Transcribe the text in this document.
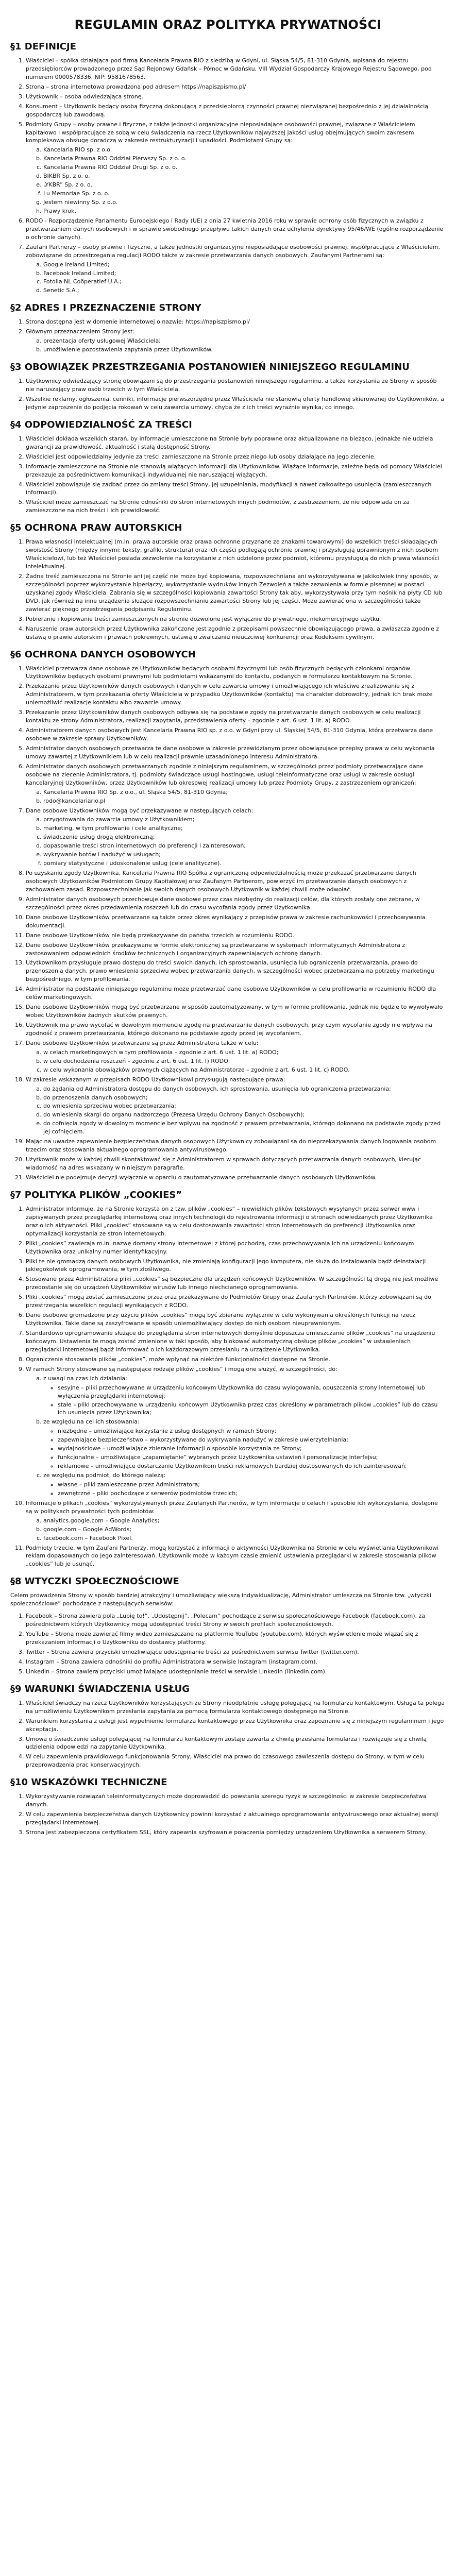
REGULAMIN ORAZ POLITYKA PRYWATNOŚCI
§1 DEFINICJE
1. Właściciel – spółka działająca pod firmą Kancelaria Prawna RIO z siedzibą w Gdyni, ul. Słąska 54/5, 81-310 Gdynia, wpisana do rejestru przedsiębiorców prowadzonego przez Sąd Rejonowy Gdańsk – Północ w Gdańsku, VIII Wydział Gospodarczy Krajowego Rejestru Sądowego, pod numerem 0000578336, NIP: 9581678563.
2. Strona – strona internetowa prowadzona pod adresem https://napiszpismo.pl/
3. Użytkownik – osoba odwiedzająca stronę.
4. Konsument – Użytkownik będący osobą fizyczną dokonującą z przedsiębiorcą czynności prawnej niezwiązanej bezpośrednio z jej działalnością gospodarczą lub zawodową.
5. Podmioty Grupy – osoby prawne i fizyczne, z także jednostki organizacyjne nieposiadające osobowości prawnej, związane z Właścicielem kapitałowo i współpracujące ze sobą w celu świadczenia na rzecz Użytkowników najwyższej jakości usług obejmujących swoim zakresem kompleksową obsługę doradczą w zakresie restrukturyzacji i upadłości. Podmiotami Grupy są:
a. Kancelaria RIO sp. z o.o.
b. Kancelaria Prawna RIO Oddział Pierwszy Sp. z o. o.
c. Kancelaria Prawna RIO Oddział Drugi Sp. z o. o.
d. BIKBR Sp. z o. o.
e. „YKBR” Sp. z o. o.
f. Lu Memoriae Sp. z o. o.
g. Jestem niewinny Sp. z o.o.
h. Prawy krok.
6. RODO - Rozporządzenie Parlamentu Europejskiego i Rady (UE) z dnia 27 kwietnia 2016 roku w sprawie ochrony osób fizycznych w związku z przetwarzaniem danych osobowych i w sprawie swobodnego przepływu takich danych oraz uchylenia dyrektywy 95/46/WE (ogólne rozporządzenie o ochronie danych).
7. Zaufani Partnerzy – osoby prawne i fizyczne, a także jednostki organizacyjne nieposiadające osobowości prawnej, współpracujące z Właścicielem, zobowiązane do przestrzegania regulacji RODO także w zakresie przetwarzania danych osobowych. Zaufanymi Partnerami są:
a. Google Ireland Limited;
b. Facebook Ireland Limited;
c. Fotolia NL Coöperatief U.A.;
d. Senetic S.A.;
§2 ADRES I PRZEZNACZENIE STRONY
1. Strona dostępna jest w domenie internetowej o nazwie: https://napiszpismo.pl/
2. Głównym przeznaczeniem Strony jest:
a. prezentacja oferty usługowej Właściciela;
b. umożliwienie pozostawienia zapytania przez Użytkowników.
§3 OBOWIĄZEK PRZESTRZEGANIA POSTANOWIEŃ NINIEJSZEGO REGULAMINU
1. Użytkownicy odwiedzający stronę obowiązani są do przestrzegania postanowień niniejszego regulaminu, a także korzystania ze Strony w sposób nie naruszający praw osób trzecich w tym Właściciela.
2. Wszelkie reklamy, ogłoszenia, cenniki, informacje pierwszorzędne przez Właściciela nie stanowią oferty handlowej skierowanej do Użytkowników, a jedynie zaproszenie do podjęcia rokowań w celu zawarcia umowy, chyba że z ich treści wyraźnie wynika, co innego.
§4 ODPOWIEDZIALNOŚĆ ZA TREŚCI
1. Właściciel dokłada wszelkich starań, by informacje umieszczone na Stronie były poprawne oraz aktualizowane na bieżąco, jednakże nie udziela gwarancji za prawidłowość, aktualność i stałą dostępność Strony.
2. Właściciel jest odpowiedzialny jedynie za treści zamieszczone na Stronie przez niego lub osoby działające na jego zlecenie.
3. Informacje zamieszczone na Stronie nie stanowią wiążących informacji dla Użytkowników. Wiążące informacje, zależne będą od pomocy Właściciel przekazuje za pośrednictwem komunikacji indywidualnej nie naruszającej wiążących.
4. Właściciel zobowiązuje się zadbać przez do zmiany treści Strony, jej uzupełniania, modyfikacji a nawet całkowitego usunięcia (zamieszczanych informacji).
5. Właściciel może zamieszczać na Stronie odnośniki do stron internetowych innych podmiotów, z zastrzeżeniem, że nie odpowiada on za zamieszczone na nich treści i ich prawidłowość.
§5 OCHRONA PRAW AUTORSKICH
1. Prawa własności intelektualnej (m.in. prawa autorskie oraz prawa ochronne przyznane ze znakami towarowymi) do wszelkich treści składających swoistość Strony (między innymi: teksty, grafiki, struktura) oraz ich części podlegają ochronie prawnej i przysługują uprawnionym z nich osobom Właścicielowi, lub też Właściciel posiada zezwolenie na korzystanie z nich udzielone przez podmiot, któremu przysługują do nich prawa własności intelektualnej.
2. Żadna treść zamieszczona na Stronie ani jej część nie może być kopiowana, rozpowszechniana ani wykorzystywana w jakikolwiek inny sposób, w szczególności poprzez wykorzystanie hiperłączy, wykorzystanie wydruków innych Zezwoleń a także zezwolenia w formie pisemnej w postaci uzyskanej zgody Właściciela. Zabrania się w szczególności kopiowania zawartości Strony tak aby, wykorzystywała przy tym nośnik na płyty CD lub DVD, jak również na inne urządzenia służące rozpowszechnianiu zawartości Strony lub jej części. Może zawierać ona w szczególności także zawierać pięknego przestrzegania podpisaniu Regulaminu.
3. Pobieranie i kopiowanie treści zamieszczonych na stronie dozwolone jest wyłącznie do prywatnego, niekomercyjnego użytku.
4. Naruszenie praw autorskich przez Użytkownika zakończone jest zgodnie z przepisami powszechnie obowiązującego prawa, a zwłaszcza zgodnie z ustawą o prawie autorskim i prawach pokrewnych, ustawą o zwalczaniu nieuczciwej konkurencji oraz Kodeksem cywilnym.
§6 OCHRONA DANYCH OSOBOWYCH
1. Właściciel przetwarza dane osobowe ze Użytkowników będących osobami fizycznymi lub osób fizycznych będących członkami organów Użytkowników będących osobami prawnymi lub podmiotami wskazanymi do kontaktu, podanych w formularzu kontaktowym na Stronie.
2. Przekazanie przez Użytkowników danych osobowych i danych w celu zawarcia umowy i umożliwiającego ich właściwe zrealizowanie się z Administratorem, w tym przekazania oferty Właściciela w przypadku Użytkowników (kontaktu) ma charakter dobrowolny, jednak ich brak może uniemożliwić realizację kontaktu albo zawarcie umowy.
3. Przekazanie przez Użytkowników danych osobowych odbywa się na podstawie zgody na przetwarzanie danych osobowych w celu realizacji kontaktu ze strony Administratora, realizacji zapytania, przedstawienia oferty – zgodnie z art. 6 ust. 1 lit. a) RODO.
4. Administratorem danych osobowych jest Kancelaria Prawna RIO sp. z o.o. w Gdyni przy ul. Śląskiej 54/5, 81-310 Gdynia, która przetwarza dane osobowe w zakresie sprawy Użytkowników.
5. Administrator danych osobowych przetwarza te dane osobowe w zakresie przewidzianym przez obowiązujące przepisy prawa w celu wykonania umowy zawartej z Użytkownikiem lub w celu realizacji prawnie uzasadnionego interesu Administratora.
6. Administrator danych osobowych przetwarzanych zgodnie z niniejszym regulaminem, w szczególności przez podmioty przetwarzające dane osobowe na zlecenie Administratora, tj. podmioty świadczące usługi hostingowe, usługi teleinformatyczne oraz usługi w zakresie obsługi kancelaryjnej Użytkowników, przez Użytkowników lub okresowej realizacji umowy lub przez Podmioty Grupy, z zastrzeżeniem ograniczeń:
a. Kancelaria Prawna RIO Sp. z o.o., ul. Śląska 54/5, 81-310 Gdynia;
b. rodo@kancelariario.pl
7. Dane osobowe Użytkowników mogą być przekazywane w następujących celach:
a. przygotowania do zawarcia umowy z Użytkownikiem;
b. marketing, w tym profilowanie i cele analityczne;
c. świadczenie usług drogą elektroniczną;
d. dopasowanie treści stron internetowych do preferencji i zainteresowań;
e. wykrywanie botów i nadużyć w usługach;
f. pomiary statystyczne i udoskonalenie usług (cele analityczne).
8. Po uzyskaniu zgody Użytkownika, Kancelaria Prawna RIO Spółka z ograniczoną odpowiedzialnością może przekazać przetwarzane danych osobowych Użytkowników Podmiotom Grupy Kapitałowej oraz Zaufanym Partnerom, powierzyć im przetwarzanie danych osobowych z zachowaniem zasad. Rozpowszechnianie jak swoich danych osobowych Użytkownik w każdej chwili może odwołać.
9. Administrator danych osobowych przechowuje dane osobowe przez czas niezbędny do realizacji celów, dla których zostały one zebrane, w szczególności przez okres przedawnienia roszczeń lub do czasu wycofania zgody przez Użytkownika.
10. Dane osobowe Użytkowników przetwarzane są także przez okres wynikający z przepisów prawa w zakresie rachunkowości i przechowywania dokumentacji.
11. Dane osobowe Użytkowników nie będą przekazywane do państw trzecich w rozumieniu RODO.
12. Dane osobowe Użytkowników przekazywane w formie elektronicznej są przetwarzane w systemach informatycznych Administratora z zastosowaniem odpowiednich środków technicznych i organizacyjnych zapewniających ochronę danych.
13. Użytkownikom przysługuje prawo dostępu do treści swoich danych, ich sprostowania, usunięcia lub ograniczenia przetwarzania, prawo do przenoszenia danych, prawo wniesienia sprzeciwu wobec przetwarzania danych, w szczególności wobec przetwarzania na potrzeby marketingu bezpośredniego, w tym profilowania.
14. Administrator na podstawie niniejszego regulaminu może przetwarzać dane osobowe Użytkowników w celu profilowania w rozumieniu RODO dla celów marketingowych.
15. Dane osobowe Użytkowników mogą być przetwarzane w sposób zautomatyzowany, w tym w formie profilowania, jednak nie będzie to wywoływało wobec Użytkowników żadnych skutków prawnych.
16. Użytkownik ma prawo wycofać w dowolnym momencie zgodę na przetwarzanie danych osobowych, przy czym wycofanie zgody nie wpływa na zgodność z prawem przetwarzania, którego dokonano na podstawie zgody przed jej wycofaniem.
17. Dane osobowe Użytkowników przetwarzane są przez Administratora także w celu:
a. w celach marketingowych w tym profilowania – zgodnie z art. 6 ust. 1 lit. a) RODO;
b. w celu dochodzenia roszczeń – zgodnie z art. 6 ust. 1 lit. f) RODO;
c. w celu wykonania obowiązków prawnych ciążących na Administratorze – zgodnie z art. 6 ust. 1 lit. c) RODO.
18. W zakresie wskazanym w przepisach RODO Użytkownikowi przysługują następujące prawa:
a. do żądania od Administratora dostępu do danych osobowych, ich sprostowania, usunięcia lub ograniczenia przetwarzania;
b. do przenoszenia danych osobowych;
c. do wniesienia sprzeciwu wobec przetwarzania;
d. do wniesienia skargi do organu nadzorczego (Prezesa Urzędu Ochrony Danych Osobowych);
e. do cofnięcia zgody w dowolnym momencie bez wpływu na zgodność z prawem przetwarzania, którego dokonano na podstawie zgody przed jej cofnięciem.
19. Mając na uwadze zapewnienie bezpieczeństwa danych osobowych Użytkownicy zobowiązani są do nieprzekazywania danych logowania osobom trzecim oraz stosowania aktualnego oprogramowania antywirusowego.
20. Użytkownik może w każdej chwili skontaktować się z Administratorem w sprawach dotyczących przetwarzania danych osobowych, kierując wiadomość na adres wskazany w niniejszym paragrafie.
21. Właściciel nie podejmuje decyzji wyłącznie w oparciu o zautomatyzowane przetwarzanie danych osobowych Użytkowników.
§7 POLITYKA PLIKÓW „COOKIES”
1. Administrator informuje, że na Stronie korzysta on z tzw. plików „cookies” – niewielkich plików tekstowych wysyłanych przez serwer www i zapisywanych przez przeglądarkę internetową oraz innych technologii do rejestrowania informacji o stronach odwiedzanych przez Użytkownika oraz o ich aktywności. Pliki „cookies” stosowane są w celu dostosowania zawartości stron internetowych do preferencji Użytkownika oraz optymalizacji korzystania ze stron internetowych.
2. Pliki „cookies” zawierają m.in. nazwę domeny strony internetowej z której pochodzą, czas przechowywania ich na urządzeniu końcowym Użytkownika oraz unikalny numer identyfikacyjny.
3. Pliki te nie gromadzą danych osobowych Użytkownika, nie zmieniają konfiguracji jego komputera, nie służą do instalowania bądź deinstalacji jakiegokolwiek oprogramowania, w tym złośliwego.
4. Stosowane przez Administratora pliki „cookies” są bezpieczne dla urządzeń końcowych Użytkowników. W szczególności tą drogą nie jest możliwe przedostanie się do urządzeń Użytkowników wirusów lub innego niechcianego oprogramowania.
5. Pliki „cookies” mogą zostać zamieszczone przez oraz przekazywane do Podmiotów Grupy oraz Zaufanych Partnerów, którzy zobowiązani są do przestrzegania wszelkich regulacji wynikających z RODO.
6. Dane osobowe gromadzone przy użyciu plików „cookies” mogą być zbierane wyłącznie w celu wykonywania określonych funkcji na rzecz Użytkownika. Takie dane są zaszyfrowane w sposób uniemożliwiający dostęp do nich osobom nieuprawnionym.
7. Standardowo oprogramowanie służące do przeglądania stron internetowych domyślnie dopuszcza umieszczanie plików „cookies” na urządzeniu końcowym. Ustawienia te mogą zostać zmienione w taki sposób, aby blokować automatyczną obsługę plików „cookies” w ustawieniach przeglądarki internetowej bądź informować o ich każdorazowym przesłaniu na urządzenie Użytkownika.
8. Ograniczenie stosowania plików „cookies”, może wpłynąć na niektóre funkcjonalności dostępne na Stronie.
9. W ramach Strony stosowane są następujące rodzaje plików „cookies” i mogą one służyć, w szczególności, do:
a. z uwagi na czas ich działania:
◦ sesyjne – pliki przechowywane w urządzeniu końcowym Użytkownika do czasu wylogowania, opuszczenia strony internetowej lub wyłączenia przeglądarki internetowej;
◦ stałe – pliki przechowywane w urządzeniu końcowym Użytkownika przez czas określony w parametrach plików „cookies” lub do czasu ich usunięcia przez Użytkownika;
b. ze względu na cel ich stosowania:
◦ niezbędne – umożliwiające korzystanie z usług dostępnych w ramach Strony;
◦ zapewniające bezpieczeństwo – wykorzystywane do wykrywania nadużyć w zakresie uwierzytelniania;
◦ wydajnościowe – umożliwiające zbieranie informacji o sposobie korzystania ze Strony;
◦ funkcjonalne – umożliwiające „zapamiętanie” wybranych przez Użytkownika ustawień i personalizację interfejsu;
◦ reklamowe – umożliwiające dostarczanie Użytkownikom treści reklamowych bardziej dostosowanych do ich zainteresowań;
c. ze względu na podmiot, do którego należą:
◦ własne – pliki zamieszczane przez Administratora;
◦ zewnętrzne – pliki pochodzące z serwerów podmiotów trzecich;
10. Informacje o plikach „cookies” wykorzystywanych przez Zaufanych Partnerów, w tym informacje o celach i sposobie ich wykorzystania, dostępne są w politykach prywatności tych podmiotów:
a. analytics.google.com – Google Analytics;
b. google.com – Google AdWords;
c. facebook.com – Facebook Pixel.
11. Podmioty trzecie, w tym Zaufani Partnerzy, mogą korzystać z informacji o aktywności Użytkownika na Stronie w celu wyświetlania Użytkownikowi reklam dopasowanych do jego zainteresowań. Użytkownik może w każdym czasie zmienić ustawienia przeglądarki w zakresie stosowania plików „cookies” lub je usunąć.
§8 WTYCZKI SPOŁECZNOŚCIOWE

Celem prowadzenia Strony w sposób bardziej atrakcyjny i umożliwiający większą indywidualizację, Administrator umieszcza na Stronie tzw. „wtyczki społecznościowe” pochodzące z następujących serwisów:

1. Facebook – Strona zawiera pola „Lubię to!”, „Udostępnij”, „Polecam” pochodzące z serwisu społecznościowego Facebook (facebook.com), za pośrednictwem których Użytkownicy mogą udostępniać treści Strony w swoich profilach społecznościowych.
2. YouTube – Strona może zawierać filmy wideo zamieszczane na platformie YouTube (youtube.com), których wyświetlenie może wiązać się z przekazaniem informacji o Użytkowniku do dostawcy platformy.
3. Twitter – Strona zawiera przyciski umożliwiające udostępnianie treści za pośrednictwem serwisu Twitter (twitter.com).
4. Instagram – Strona zawiera odnośniki do profilu Administratora w serwisie Instagram (instagram.com).
5. LinkedIn – Strona zawiera przyciski umożliwiające udostępnianie treści w serwisie LinkedIn (linkedin.com).
§9 WARUNKI ŚWIADCZENIA USŁUG
1. Właściciel świadczy na rzecz Użytkowników korzystających ze Strony nieodpłatnie usługę polegającą na formularzu kontaktowym. Usługa ta polega na umożliwieniu Użytkownikom przesłania zapytania za pomocą formularza kontaktowego dostępnego na Stronie.
2. Warunkiem korzystania z usługi jest wypełnienie formularza kontaktowego przez Użytkownika oraz zapoznanie się z niniejszym regulaminem i jego akceptacja.
3. Umowa o świadczenie usługi polegającej na formularzu kontaktowym zostaje zawarta z chwilą przesłania formularza i rozwiązuje się z chwilą udzielenia odpowiedzi na zapytanie Użytkownika.
4. W celu zapewnienia prawidłowego funkcjonowania Strony, Właściciel ma prawo do czasowego zawieszenia dostępu do Strony, w tym w celu przeprowadzenia prac konserwacyjnych.
§10 WSKAZÓWKI TECHNICZNE
1. Wykorzystywanie rozwiązań teleinformatycznych może doprowadzić do powstania szeregu ryzyk w szczególności w zakresie bezpieczeństwa danych.
2. W celu zapewnienia bezpieczeństwa danych Użytkownicy powinni korzystać z aktualnego oprogramowania antywirusowego oraz aktualnej wersji przeglądarki internetowej.
3. Strona jest zabezpieczona certyfikatem SSL, który zapewnia szyfrowanie połączenia pomiędzy urządzeniem Użytkownika a serwerem Strony.
